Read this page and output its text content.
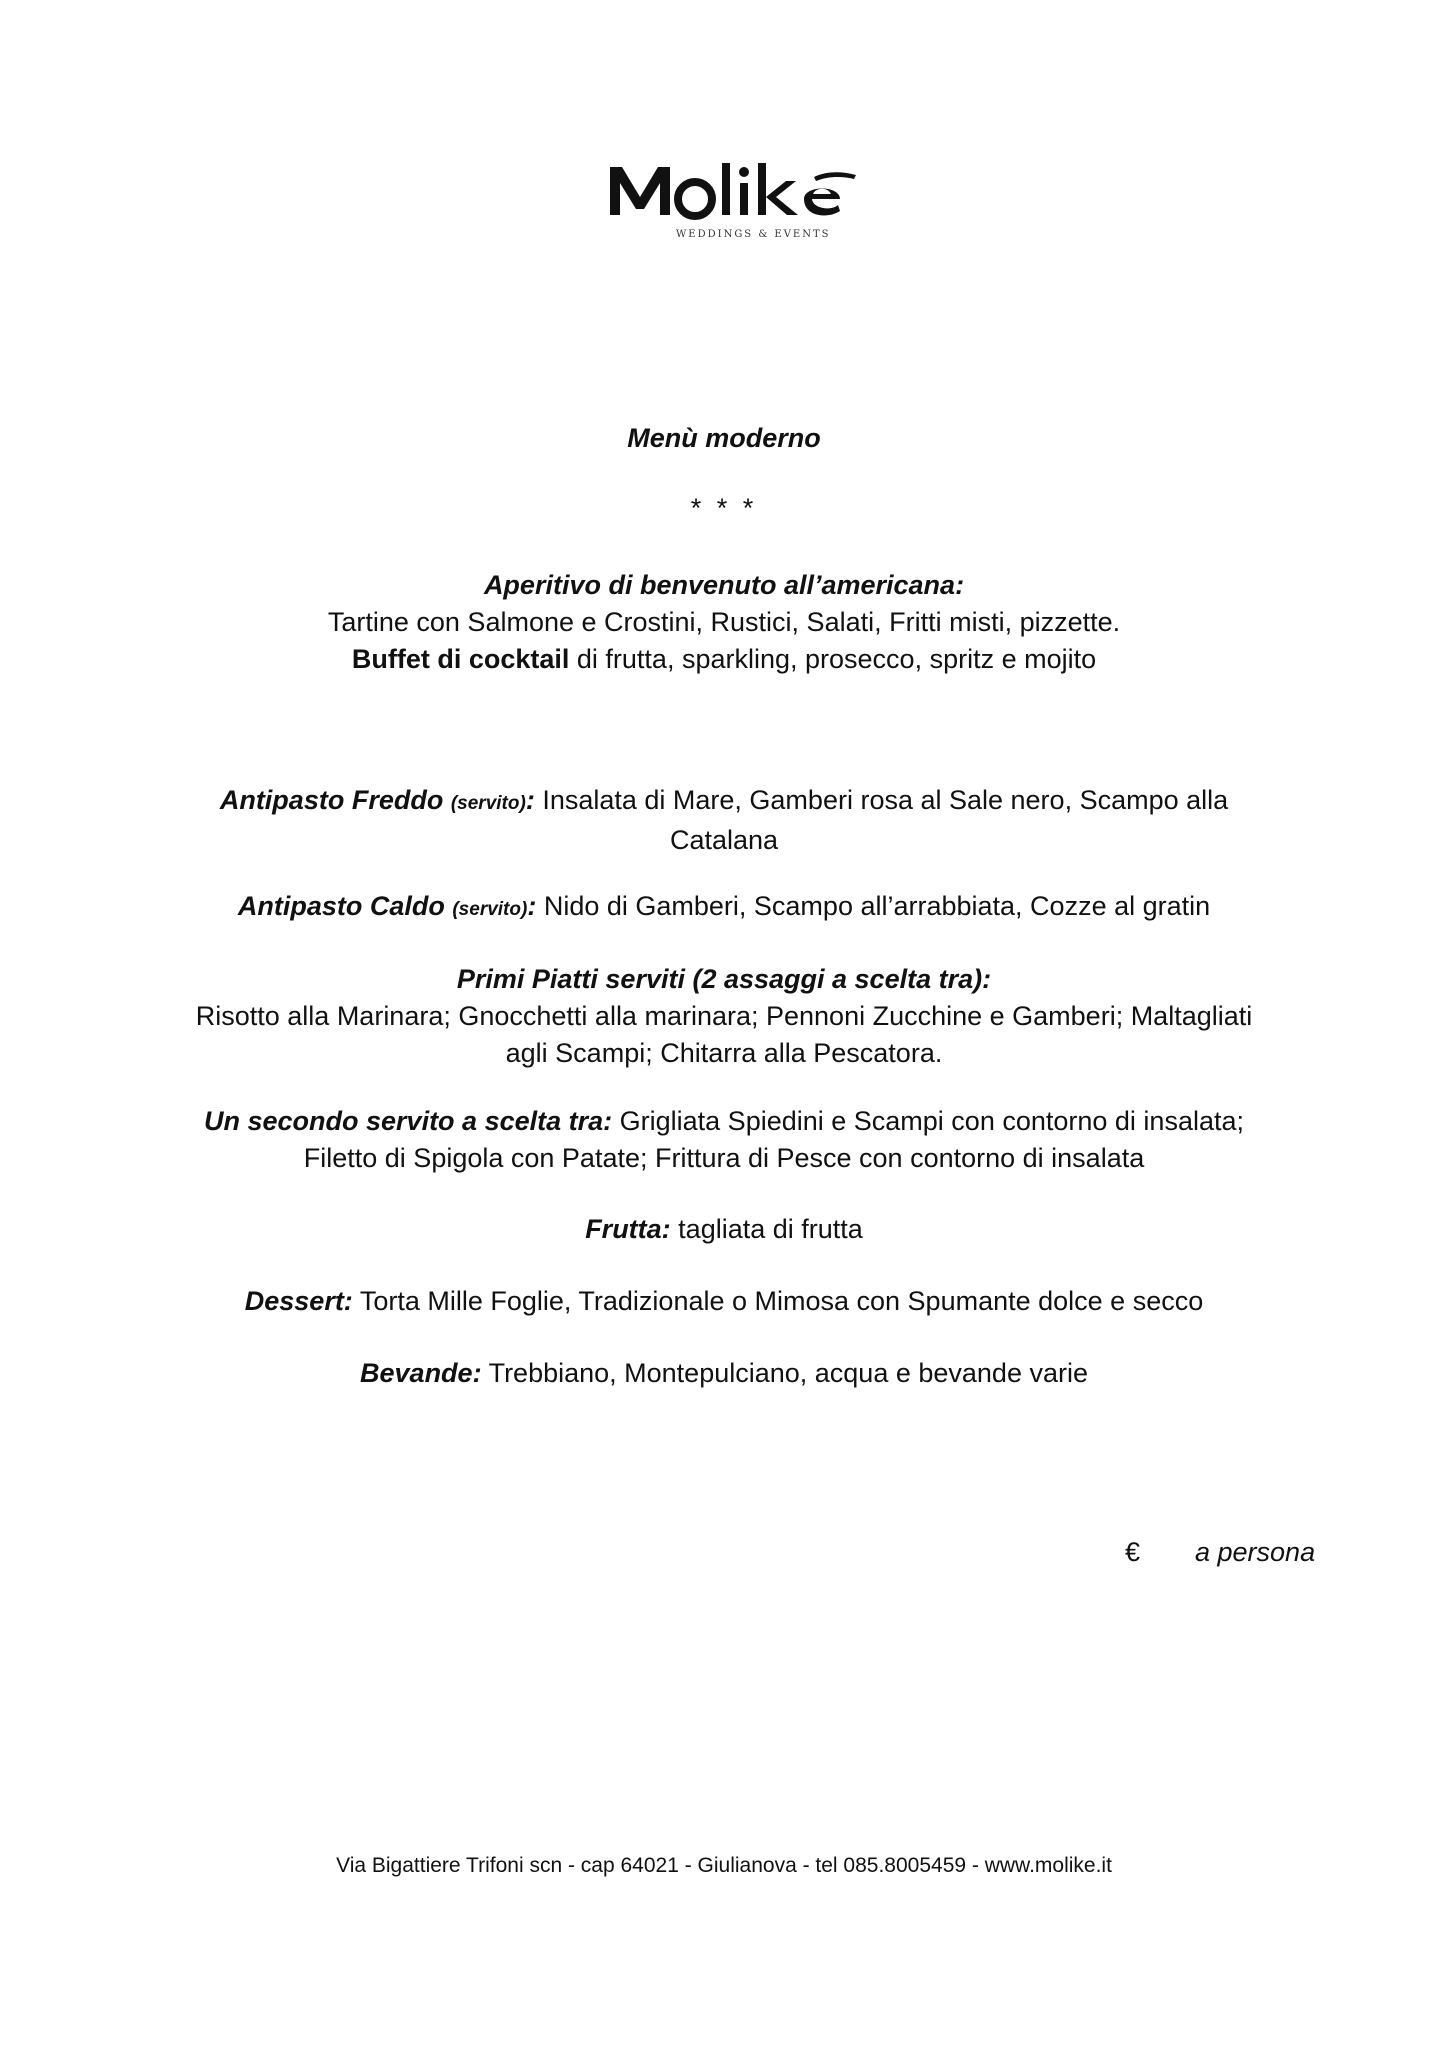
WEDDINGS & EVENTS
Menù moderno
* * *
Aperitivo di benvenuto all’americana:
Tartine con Salmone e Crostini, Rustici, Salati, Fritti misti, pizzette.
Buffet di cocktail di frutta, sparkling, prosecco, spritz e mojito
Antipasto Freddo (servito): Insalata di Mare, Gamberi rosa al Sale nero, Scampo alla
Catalana
Antipasto Caldo (servito): Nido di Gamberi, Scampo all’arrabbiata, Cozze al gratin
Primi Piatti serviti (2 assaggi a scelta tra):
Risotto alla Marinara; Gnocchetti alla marinara; Pennoni Zucchine e Gamberi; Maltagliati
agli Scampi; Chitarra alla Pescatora.
Un secondo servito a scelta tra: Grigliata Spiedini e Scampi con contorno di insalata;
Filetto di Spigola con Patate; Frittura di Pesce con contorno di insalata
Frutta: tagliata di frutta
Dessert: Torta Mille Foglie, Tradizionale o Mimosa con Spumante dolce e secco
Bevande: Trebbiano, Montepulciano, acqua e bevande varie
€ a persona
Via Bigattiere Trifoni scn - cap 64021 - Giulianova - tel 085.8005459 - www.molike.it
